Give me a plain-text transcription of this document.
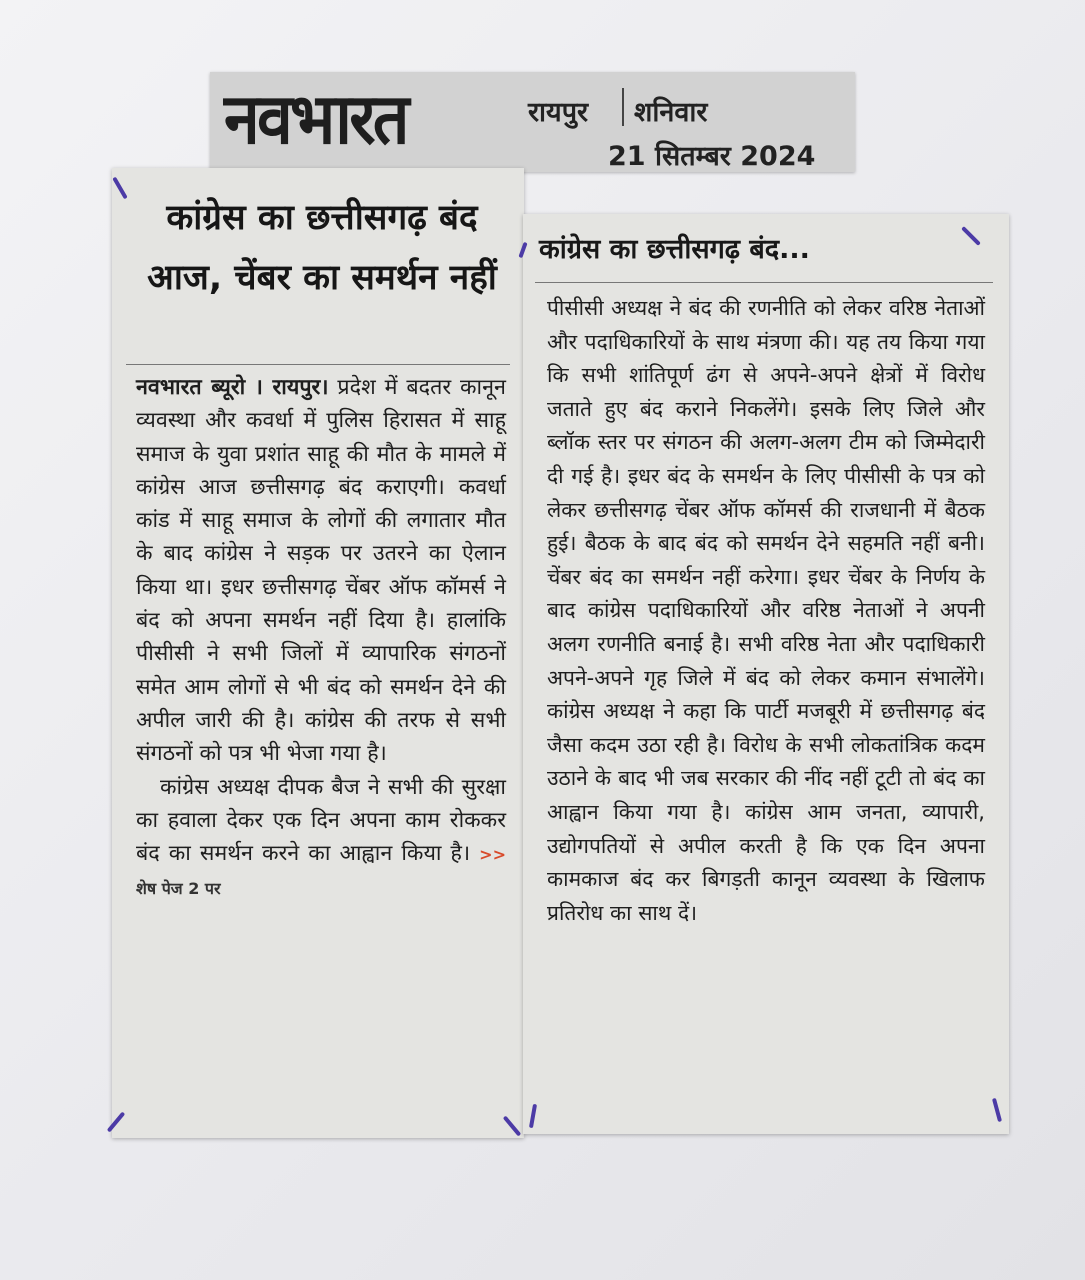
नवभारत	रायपुर शनिवार
21 सितम्बर 2024
कांग्रेस का छत्तीसगढ़ बंद आज, चेंबर का समर्थन नहीं

नवभारत ब्यूरो । रायपुर। प्रदेश में बदतर कानून व्यवस्था और कवर्धा में पुलिस हिरासत में साहू समाज के युवा प्रशांत साहू की मौत के मामले में कांग्रेस आज छत्तीसगढ़ बंद कराएगी। कवर्धा कांड में साहू समाज के लोगों की लगातार मौत के बाद कांग्रेस ने सड़क पर उतरने का ऐलान किया था। इधर छत्तीसगढ़ चेंबर ऑफ कॉमर्स ने बंद को अपना समर्थन नहीं दिया है। हालांकि पीसीसी ने सभी जिलों में व्यापारिक संगठनों समेत आम लोगों से भी बंद को समर्थन देने की अपील जारी की है। कांग्रेस की तरफ से सभी संगठनों को पत्र भी भेजा गया है।

कांग्रेस अध्यक्ष दीपक बैज ने सभी की सुरक्षा का हवाला देकर एक दिन अपना काम रोककर बंद का समर्थन करने का आह्वान किया है। >> शेष पेज 2 पर

कांग्रेस का छत्तीसगढ़ बंद...

पीसीसी अध्यक्ष ने बंद की रणनीति को लेकर वरिष्ठ नेताओं और पदाधिकारियों के साथ मंत्रणा की। यह तय किया गया कि सभी शांतिपूर्ण ढंग से अपने-अपने क्षेत्रों में विरोध जताते हुए बंद कराने निकलेंगे। इसके लिए जिले और ब्लॉक स्तर पर संगठन की अलग-अलग टीम को जिम्मेदारी दी गई है। इधर बंद के समर्थन के लिए पीसीसी के पत्र को लेकर छत्तीसगढ़ चेंबर ऑफ कॉमर्स की राजधानी में बैठक हुई। बैठक के बाद बंद को समर्थन देने सहमति नहीं बनी। चेंबर बंद का समर्थन नहीं करेगा। इधर चेंबर के निर्णय के बाद कांग्रेस पदाधिकारियों और वरिष्ठ नेताओं ने अपनी अलग रणनीति बनाई है। सभी वरिष्ठ नेता और पदाधिकारी अपने-अपने गृह जिले में बंद को लेकर कमान संभालेंगे। कांग्रेस अध्यक्ष ने कहा कि पार्टी मजबूरी में छत्तीसगढ़ बंद जैसा कदम उठा रही है। विरोध के सभी लोकतांत्रिक कदम उठाने के बाद भी जब सरकार की नींद नहीं टूटी तो बंद का आह्वान किया गया है। कांग्रेस आम जनता, व्यापारी, उद्योगपतियों से अपील करती है कि एक दिन अपना कामकाज बंद कर बिगड़ती कानून व्यवस्था के खिलाफ प्रतिरोध का साथ दें।
